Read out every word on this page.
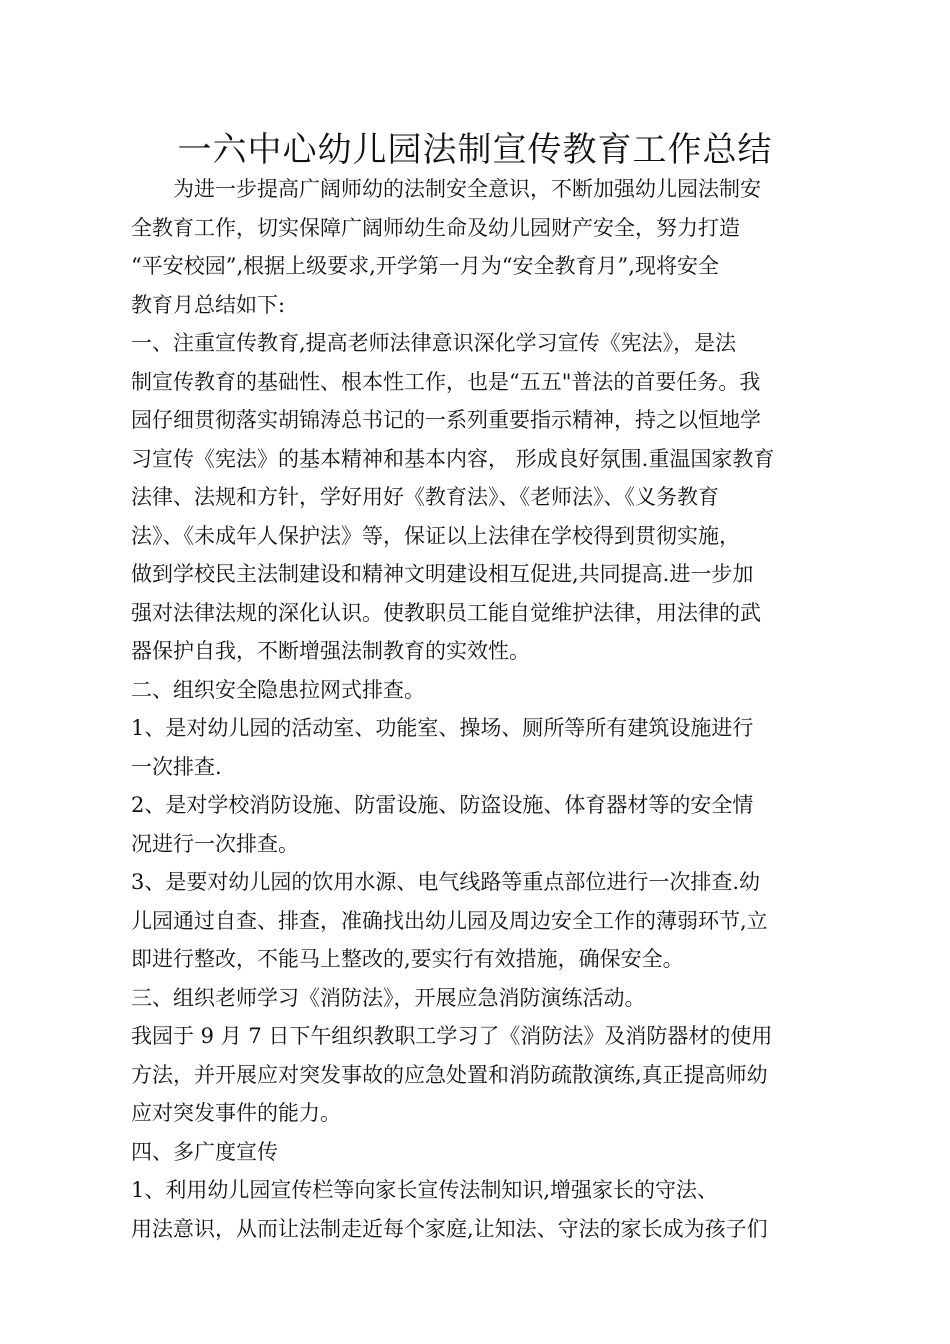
一六中心幼儿园法制宣传教育工作总结
　　为进一步提高广阔师幼的法制安全意识，不断加强幼儿园法制安
全教育工作，切实保障广阔师幼生命及幼儿园财产安全，努力打造
“平安校园”,根据上级要求,开学第一月为“安全教育月”,现将安全
教育月总结如下:
一、注重宣传教育,提高老师法律意识深化学习宣传《宪法》，是法
制宣传教育的基础性、根本性工作，也是“五五"普法的首要任务。我
园仔细贯彻落实胡锦涛总书记的一系列重要指示精神，持之以恒地学
习宣传《宪法》的基本精神和基本内容， 形成良好氛围.重温国家教育
法律、法规和方针，学好用好《教育法》、《老师法》、《义务教育
法》、《未成年人保护法》等，保证以上法律在学校得到贯彻实施，
做到学校民主法制建设和精神文明建设相互促进,共同提高.进一步加
强对法律法规的深化认识。使教职员工能自觉维护法律，用法律的武
器保护自我，不断增强法制教育的实效性。
二、组织安全隐患拉网式排查。
1、是对幼儿园的活动室、功能室、操场、厕所等所有建筑设施进行
一次排查.
2、是对学校消防设施、防雷设施、防盗设施、体育器材等的安全情
况进行一次排查。
3、是要对幼儿园的饮用水源、电气线路等重点部位进行一次排查.幼
儿园通过自查、排查，准确找出幼儿园及周边安全工作的薄弱环节,立
即进行整改，不能马上整改的,要实行有效措施，确保安全。
三、组织老师学习《消防法》，开展应急消防演练活动。
我园于 9 月 7 日下午组织教职工学习了《消防法》及消防器材的使用
方法，并开展应对突发事故的应急处置和消防疏散演练,真正提高师幼
应对突发事件的能力。
四、多广度宣传
1、利用幼儿园宣传栏等向家长宣传法制知识,增强家长的守法、
用法意识，从而让法制走近每个家庭,让知法、守法的家长成为孩子们
